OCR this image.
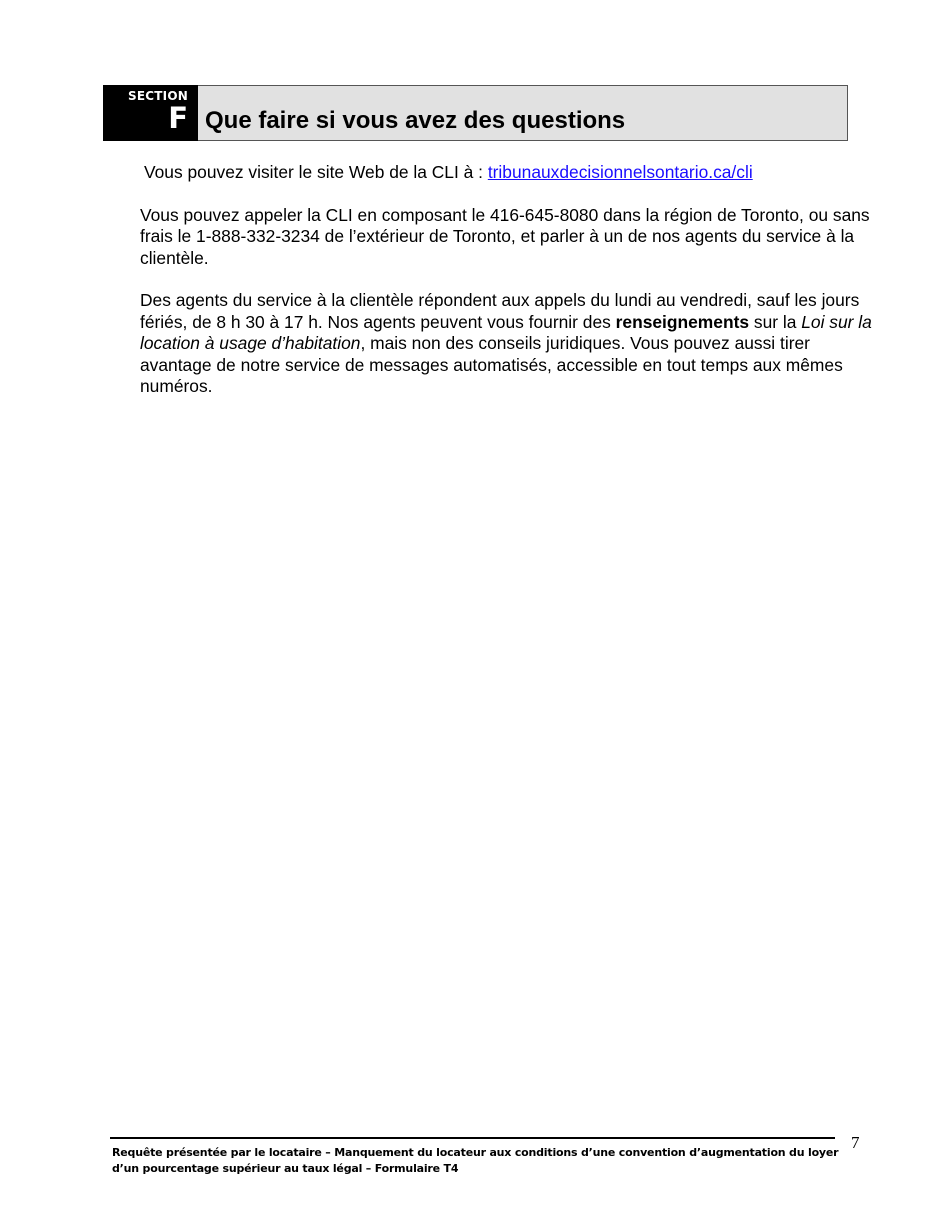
SECTION
F Que faire si vous avez des questions

Vous pouvez visiter le site Web de la CLI à : tribunauxdecisionnelsontario.ca/cli

Vous pouvez appeler la CLI en composant le 416-645-8080 dans la région de Toronto, ou sans frais le 1-888-332-3234 de l’extérieur de Toronto, et parler à un de nos agents du service à la clientèle.

Des agents du service à la clientèle répondent aux appels du lundi au vendredi, sauf les jours fériés, de 8 h 30 à 17 h. Nos agents peuvent vous fournir des renseignements sur la Loi sur la location à usage d’habitation, mais non des conseils juridiques. Vous pouvez aussi tirer avantage de notre service de messages automatisés, accessible en tout temps aux mêmes numéros.

Requête présentée par le locataire – Manquement du locateur aux conditions d’une convention d’augmentation du loyer d’un pourcentage supérieur au taux légal – Formulaire T4
7
